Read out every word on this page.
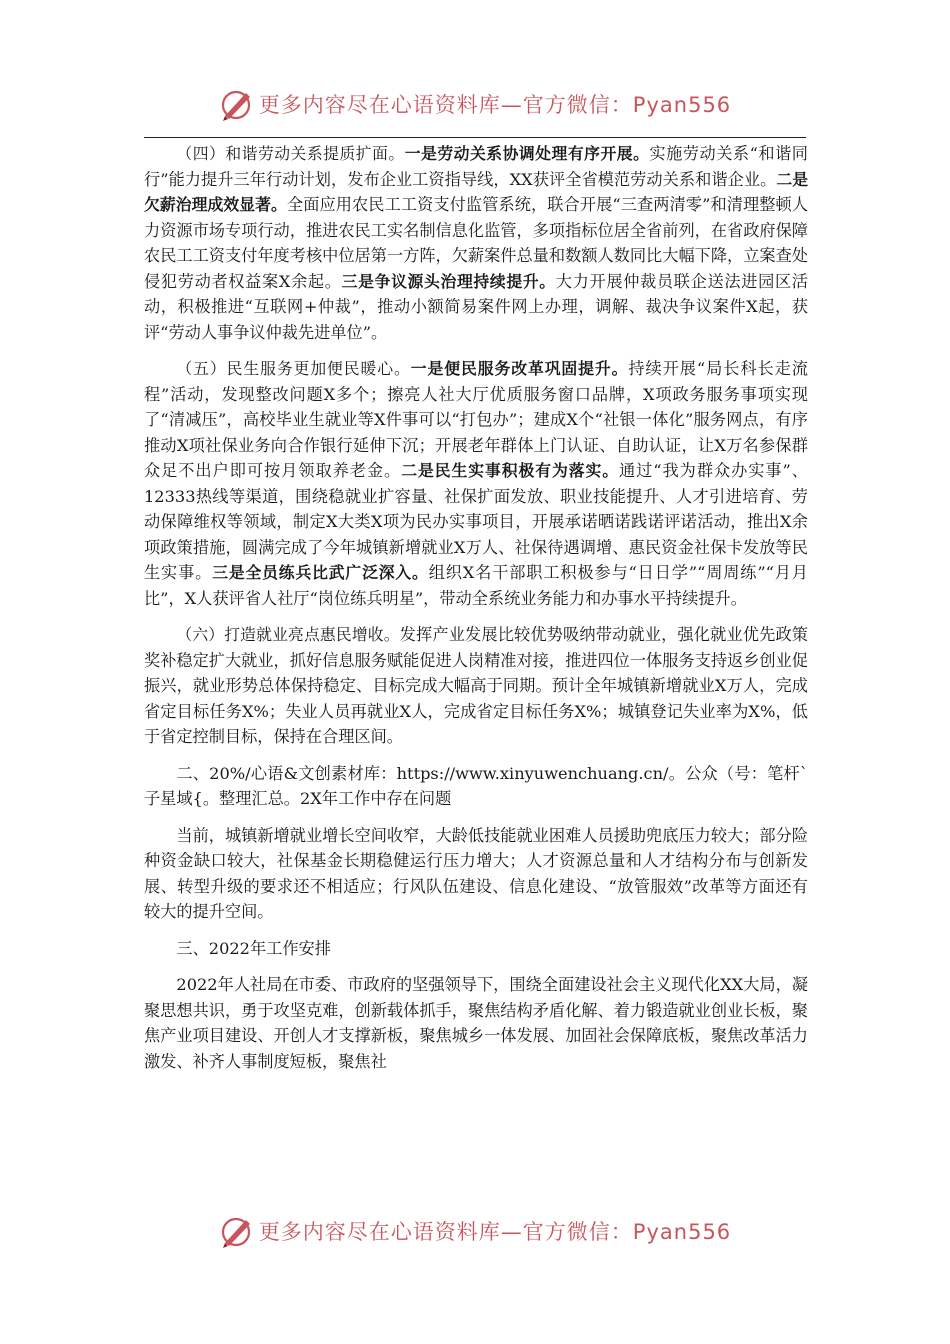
更多内容尽在心语资料库—官方微信：Pyan556

（四）和谐劳动关系提质扩面。一是劳动关系协调处理有序开展。实施劳动关系“和谐同行”能力提升三年行动计划，发布企业工资指导线，XX获评全省模范劳动关系和谐企业。二是欠薪治理成效显著。全面应用农民工工资支付监管系统，联合开展“三查两清零”和清理整顿人力资源市场专项行动，推进农民工实名制信息化监管，多项指标位居全省前列，在省政府保障农民工工资支付年度考核中位居第一方阵，欠薪案件总量和数额人数同比大幅下降，立案查处侵犯劳动者权益案X余起。三是争议源头治理持续提升。大力开展仲裁员联企送法进园区活动，积极推进“互联网+仲裁”，推动小额简易案件网上办理，调解、裁决争议案件X起，获评“劳动人事争议仲裁先进单位”。

（五）民生服务更加便民暖心。一是便民服务改革巩固提升。持续开展“局长科长走流程”活动，发现整改问题X多个；擦亮人社大厅优质服务窗口品牌，X项政务服务事项实现了“清减压”，高校毕业生就业等X件事可以“打包办”；建成X个“社银一体化”服务网点，有序推动X项社保业务向合作银行延伸下沉；开展老年群体上门认证、自助认证，让X万名参保群众足不出户即可按月领取养老金。二是民生实事积极有为落实。通过“我为群众办实事”、12333热线等渠道，围绕稳就业扩容量、社保扩面发放、职业技能提升、人才引进培育、劳动保障维权等领域，制定X大类X项为民办实事项目，开展承诺晒诺践诺评诺活动，推出X余项政策措施，圆满完成了今年城镇新增就业X万人、社保待遇调增、惠民资金社保卡发放等民生实事。三是全员练兵比武广泛深入。组织X名干部职工积极参与“日日学”“周周练”“月月比”，X人获评省人社厅“岗位练兵明星”，带动全系统业务能力和办事水平持续提升。

（六）打造就业亮点惠民增收。发挥产业发展比较优势吸纳带动就业，强化就业优先政策奖补稳定扩大就业，抓好信息服务赋能促进人岗精准对接，推进四位一体服务支持返乡创业促振兴，就业形势总体保持稳定、目标完成大幅高于同期。预计全年城镇新增就业X万人，完成省定目标任务X%；失业人员再就业X人，完成省定目标任务X%；城镇登记失业率为X%，低于省定控制目标，保持在合理区间。

二、20%/心语&文创素材库：https://www.xinyuwenchuang.cn/。公众（号：笔杆`子星域{。整理汇总。2X年工作中存在问题

当前，城镇新增就业增长空间收窄，大龄低技能就业困难人员援助兜底压力较大；部分险种资金缺口较大，社保基金长期稳健运行压力增大；人才资源总量和人才结构分布与创新发展、转型升级的要求还不相适应；行风队伍建设、信息化建设、“放管服效”改革等方面还有较大的提升空间。

三、2022年工作安排

2022年人社局在市委、市政府的坚强领导下，围绕全面建设社会主义现代化XX大局，凝聚思想共识，勇于攻坚克难，创新载体抓手，聚焦结构矛盾化解、着力锻造就业创业长板，聚焦产业项目建设、开创人才支撑新板，聚焦城乡一体发展、加固社会保障底板，聚焦改革活力激发、补齐人事制度短板，聚焦社

更多内容尽在心语资料库—官方微信：Pyan556
